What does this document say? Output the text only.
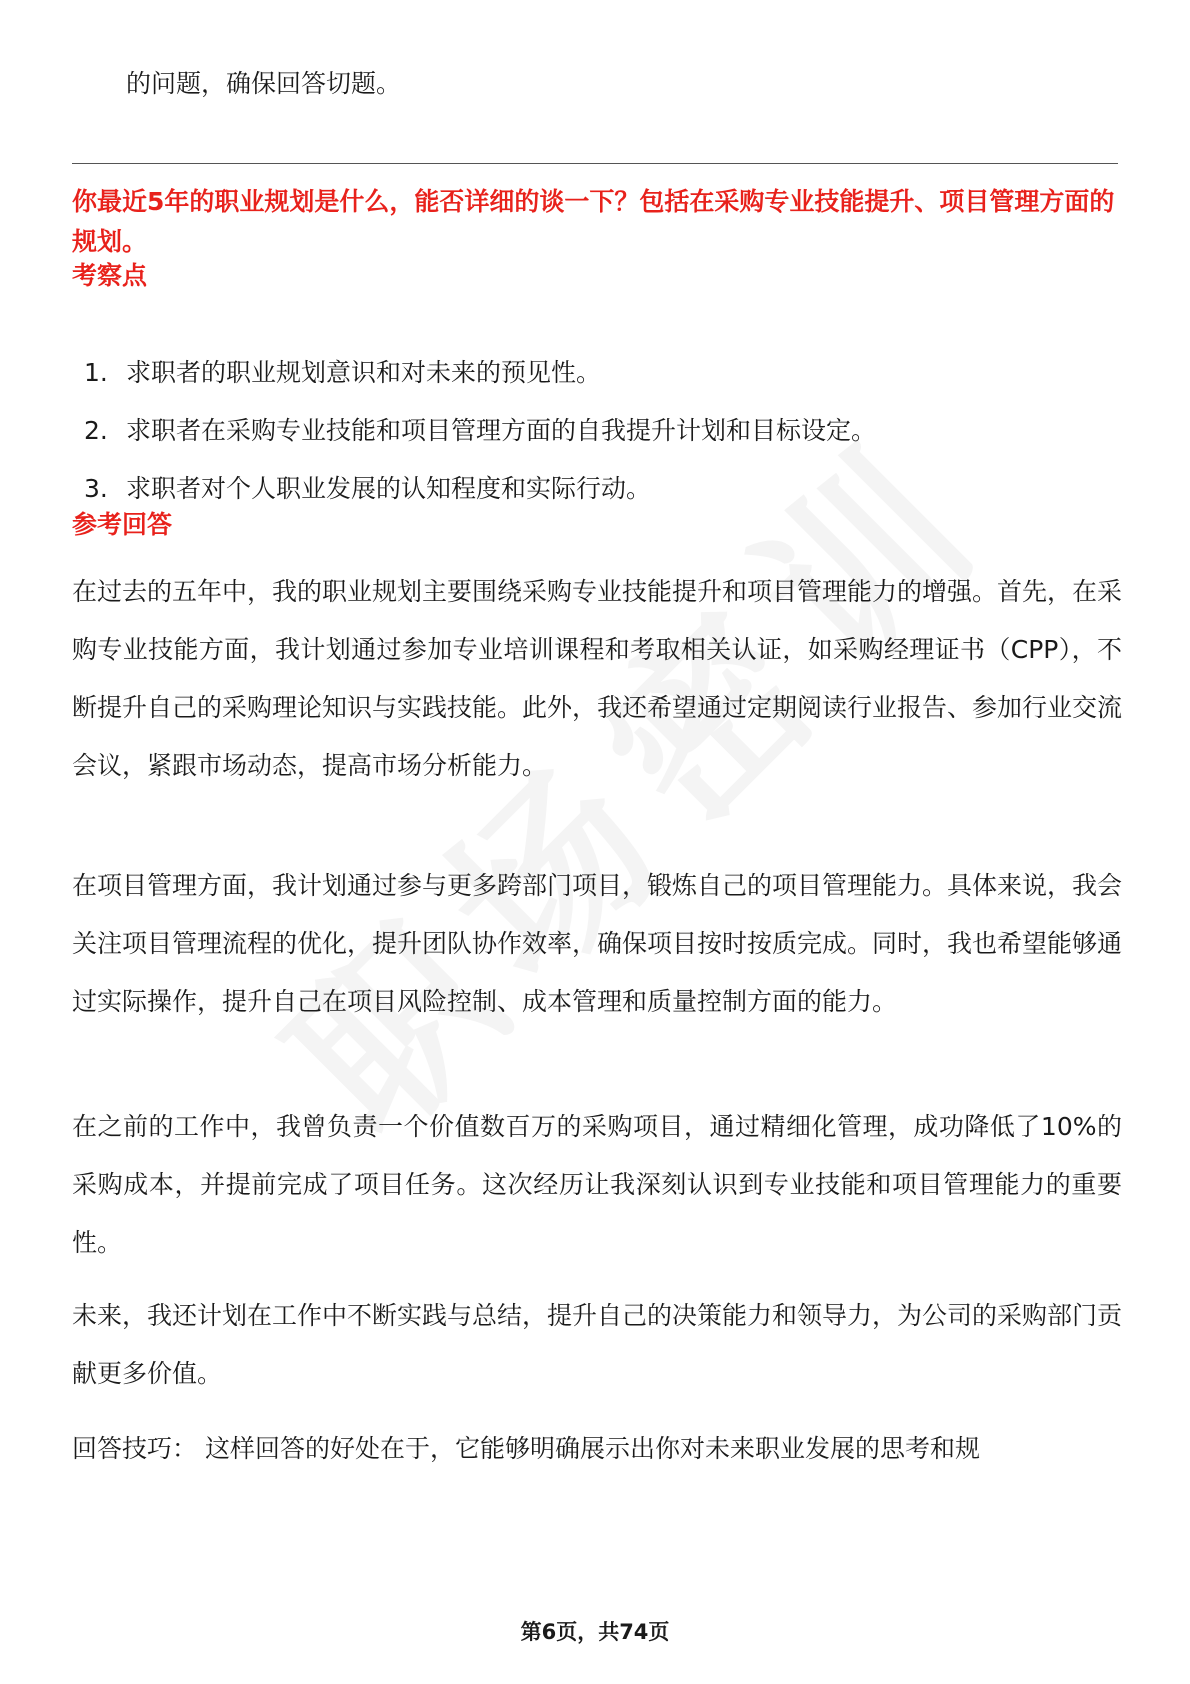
的问题，确保回答切题。
你最近5年的职业规划是什么，能否详细的谈一下？包括在采购专业技能提升、项目管理方面的规划。
考察点
1. 求职者的职业规划意识和对未来的预见性。
2. 求职者在采购专业技能和项目管理方面的自我提升计划和目标设定。
3. 求职者对个人职业发展的认知程度和实际行动。
参考回答
在过去的五年中，我的职业规划主要围绕采购专业技能提升和项目管理能力的增强。首先，在采购专业技能方面，我计划通过参加专业培训课程和考取相关认证，如采购经理证书（CPP），不断提升自己的采购理论知识与实践技能。此外，我还希望通过定期阅读行业报告、参加行业交流会议，紧跟市场动态，提高市场分析能力。
在项目管理方面，我计划通过参与更多跨部门项目，锻炼自己的项目管理能力。具体来说，我会关注项目管理流程的优化，提升团队协作效率，确保项目按时按质完成。同时，我也希望能够通过实际操作，提升自己在项目风险控制、成本管理和质量控制方面的能力。
在之前的工作中，我曾负责一个价值数百万的采购项目，通过精细化管理，成功降低了10%的采购成本，并提前完成了项目任务。这次经历让我深刻认识到专业技能和项目管理能力的重要性。
未来，我还计划在工作中不断实践与总结，提升自己的决策能力和领导力，为公司的采购部门贡献更多价值。
回答技巧： 这样回答的好处在于，它能够明确展示出你对未来职业发展的思考和规
第6页，共74页
